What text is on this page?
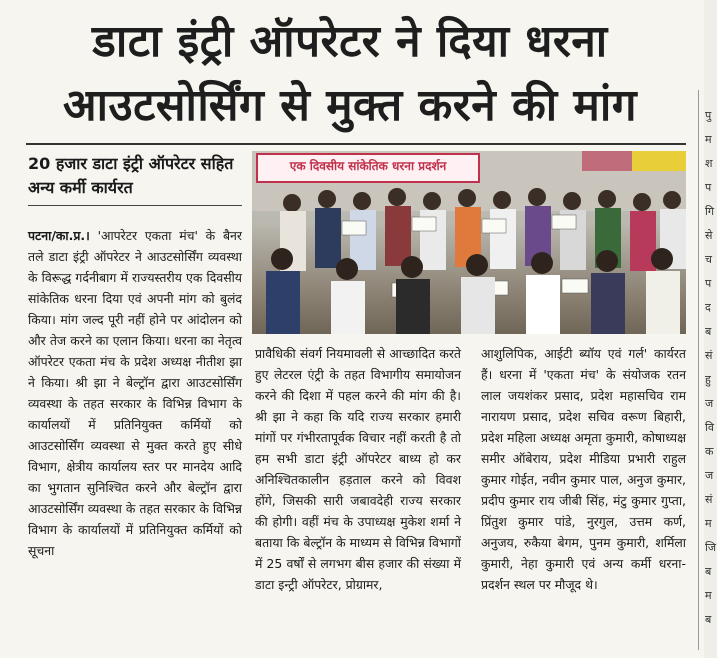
डाटा इंट्री ऑपरेटर ने दिया धरना
आउटसोर्सिंग से मुक्त करने की मांग
20 हजार डाटा इंट्री ऑपरेटर सहित अन्य कर्मी कार्यरत
एक दिवसीय सांकेतिक धरना प्रदर्शन

पटना/का.प्र.। 'आपरेटर एकता मंच' के बैनर तले डाटा इंट्री ऑपरेटर ने आउटसोर्सिंग व्यवस्था के विरूद्ध गर्दनीबाग में राज्यस्तरीय एक दिवसीय सांकेतिक धरना दिया एवं अपनी मांग को बुलंद किया। मांग जल्द पूरी नहीं होने पर आंदोलन को और तेज करने का एलान किया। धरना का नेतृत्व ऑपरेटर एकता मंच के प्रदेश अध्यक्ष नीतीश झा ने किया। श्री झा ने बेल्ट्रॉन द्वारा आउटसोर्सिंग व्यवस्था के तहत सरकार के विभिन्न विभाग के कार्यालयों में प्रतिनियुक्त कर्मियों को आउटसोर्सिंग व्यवस्था से मुक्त करते हुए सीधे विभाग, क्षेत्रीय कार्यालय स्तर पर मानदेय आदि का भुगतान सुनिश्चित करने और बेल्ट्रॉन द्वारा आउटसोर्सिंग व्यवस्था के तहत सरकार के विभिन्न विभाग के कार्यालयों में प्रतिनियुक्त कर्मियों को सूचना

प्रावैधिकी संवर्ग नियमावली से आच्छादित करते हुए लेटरल एंट्री के तहत विभागीय समायोजन करने की दिशा में पहल करने की मांग की है। श्री झा ने कहा कि यदि राज्य सरकार हमारी मांगों पर गंभीरतापूर्वक विचार नहीं करती है तो हम सभी डाटा इंट्री ऑपरेटर बाध्य हो कर अनिश्चितकालीन हड़ताल करने को विवश होंगे, जिसकी सारी जबावदेही राज्य सरकार की होगी। वहीं मंच के उपाध्यक्ष मुकेश शर्मा ने बताया कि बेल्ट्रॉन के माध्यम से विभिन्न विभागों में 25 वर्षों से लगभग बीस हजार की संख्या में डाटा इन्ट्री ऑपरेटर, प्रोग्रामर,

आशुलिपिक, आईटी ब्यॉय एवं गर्ल' कार्यरत हैं। धरना में 'एकता मंच' के संयोजक रतन लाल जयशंकर प्रसाद, प्रदेश महासचिव राम नारायण प्रसाद, प्रदेश सचिव वरूण बिहारी, प्रदेश महिला अध्यक्ष अमृता कुमारी, कोषाध्यक्ष समीर ऑबेराय, प्रदेश मीडिया प्रभारी राहुल कुमार गोईत, नवीन कुमार पाल, अनुज कुमार, प्रदीप कुमार राय जीबी सिंह, मंटु कुमार गुप्ता, प्रिंतुश कुमार पांडे, नुरगुल, उत्तम कर्ण, अनुजय, रुकैया बेगम, पुनम कुमारी, शर्मिला कुमारी, नेहा कुमारी एवं अन्य कर्मी धरना-प्रदर्शन स्थल पर मौजूद थे।

पु
म
श
प
गि
से
च
प
द
ब
सं
हु
ज
वि
क
ज
सं
म
जि
ब
म
ब
